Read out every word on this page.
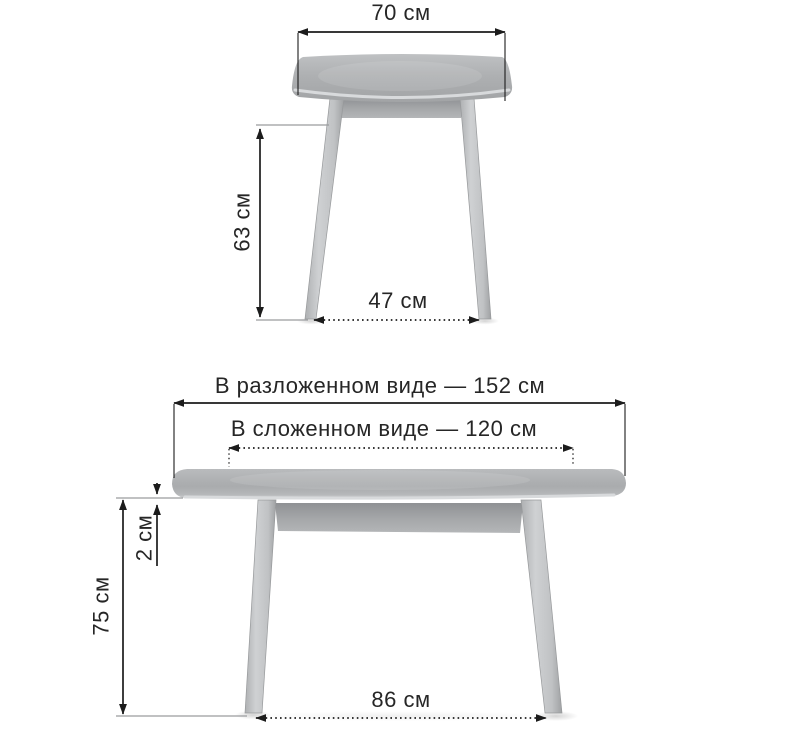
70 см
63 см
47 см
В разложенном виде — 152 см
В сложенном виде — 120 см
2 см
75 см
86 см
